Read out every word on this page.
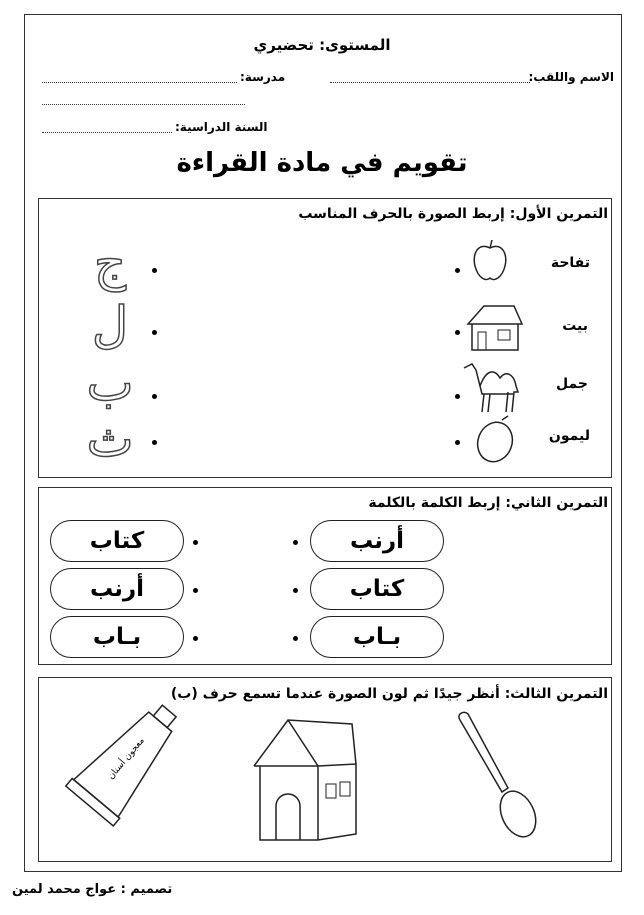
المستوى: تحضيري
الاسم واللقب:
مدرسة:
السنة الدراسية:
تقويم في مادة القراءة
التمرين الأول: إربط الصورة بالحرف المناسب
تفاحة
بيت
جمل
ليمون
ج
ل
ب
ث
التمرين الثاني: إربط الكلمة بالكلمة
أرنب
كتاب
بـاب
كتاب
أرنب
بـاب
التمرين الثالث: أنظر جيدًا ثم لون الصورة عندما تسمع حرف (ب)
معجون أسنان
تصميم : عواج محمد لمين
